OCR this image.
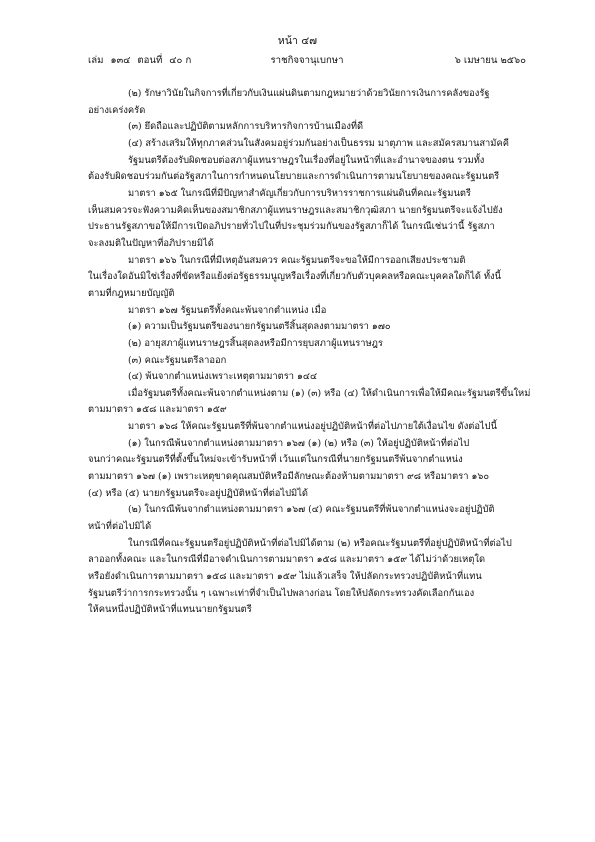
หน้า ๔๗
เล่ม ๑๓๔ ตอนที่ ๔๐ ก	ราชกิจจานุเบกษา	๖ เมษายน ๒๕๖๐

(๒) รักษาวินัยในกิจการที่เกี่ยวกับเงินแผ่นดินตามกฎหมายว่าด้วยวินัยการเงินการคลังของรัฐ

อย่างเคร่งครัด

(๓) ยึดถือและปฏิบัติตามหลักการบริหารกิจการบ้านเมืองที่ดี

(๔) สร้างเสริมให้ทุกภาคส่วนในสังคมอยู่ร่วมกันอย่างเป็นธรรม มาตุภาพ และสมัครสมานสามัคคี

รัฐมนตรีต้องรับผิดชอบต่อสภาผู้แทนราษฎรในเรื่องที่อยู่ในหน้าที่และอำนาจของตน รวมทั้ง

ต้องรับผิดชอบร่วมกันต่อรัฐสภาในการกำหนดนโยบายและการดำเนินการตามนโยบายของคณะรัฐมนตรี

มาตรา ๑๖๕ ในกรณีที่มีปัญหาสำคัญเกี่ยวกับการบริหารราชการแผ่นดินที่คณะรัฐมนตรี

เห็นสมควรจะฟังความคิดเห็นของสมาชิกสภาผู้แทนราษฎรและสมาชิกวุฒิสภา นายกรัฐมนตรีจะแจ้งไปยัง

ประธานรัฐสภาขอให้มีการเปิดอภิปรายทั่วไปในที่ประชุมร่วมกันของรัฐสภาก็ได้ ในกรณีเช่นว่านี้ รัฐสภา

จะลงมติในปัญหาที่อภิปรายมิได้

มาตรา ๑๖๖ ในกรณีที่มีเหตุอันสมควร คณะรัฐมนตรีจะขอให้มีการออกเสียงประชามติ

ในเรื่องใดอันมิใช่เรื่องที่ขัดหรือแย้งต่อรัฐธรรมนูญหรือเรื่องที่เกี่ยวกับตัวบุคคลหรือคณะบุคคลใดก็ได้ ทั้งนี้

ตามที่กฎหมายบัญญัติ

มาตรา ๑๖๗ รัฐมนตรีทั้งคณะพ้นจากตำแหน่ง เมื่อ

(๑) ความเป็นรัฐมนตรีของนายกรัฐมนตรีสิ้นสุดลงตามมาตรา ๑๗๐

(๒) อายุสภาผู้แทนราษฎรสิ้นสุดลงหรือมีการยุบสภาผู้แทนราษฎร

(๓) คณะรัฐมนตรีลาออก

(๔) พ้นจากตำแหน่งเพราะเหตุตามมาตรา ๑๔๔

เมื่อรัฐมนตรีทั้งคณะพ้นจากตำแหน่งตาม (๑) (๓) หรือ (๔) ให้ดำเนินการเพื่อให้มีคณะรัฐมนตรีขึ้นใหม่

ตามมาตรา ๑๕๘ และมาตรา ๑๕๙

มาตรา ๑๖๘ ให้คณะรัฐมนตรีที่พ้นจากตำแหน่งอยู่ปฏิบัติหน้าที่ต่อไปภายใต้เงื่อนไข ดังต่อไปนี้

(๑) ในกรณีพ้นจากตำแหน่งตามมาตรา ๑๖๗ (๑) (๒) หรือ (๓) ให้อยู่ปฏิบัติหน้าที่ต่อไป

จนกว่าคณะรัฐมนตรีที่ตั้งขึ้นใหม่จะเข้ารับหน้าที่ เว้นแต่ในกรณีที่นายกรัฐมนตรีพ้นจากตำแหน่ง

ตามมาตรา ๑๖๗ (๑) เพราะเหตุขาดคุณสมบัติหรือมีลักษณะต้องห้ามตามมาตรา ๙๘ หรือมาตรา ๑๖๐

(๔) หรือ (๕) นายกรัฐมนตรีจะอยู่ปฏิบัติหน้าที่ต่อไปมิได้

(๒) ในกรณีพ้นจากตำแหน่งตามมาตรา ๑๖๗ (๔) คณะรัฐมนตรีที่พ้นจากตำแหน่งจะอยู่ปฏิบัติ

หน้าที่ต่อไปมิได้

ในกรณีที่คณะรัฐมนตรีอยู่ปฏิบัติหน้าที่ต่อไปมิได้ตาม (๒) หรือคณะรัฐมนตรีที่อยู่ปฏิบัติหน้าที่ต่อไป

ลาออกทั้งคณะ และในกรณีที่มีอาจดำเนินการตามมาตรา ๑๕๘ และมาตรา ๑๕๙ ได้ไม่ว่าด้วยเหตุใด

หรือยังดำเนินการตามมาตรา ๑๕๘ และมาตรา ๑๕๙ ไม่แล้วเสร็จ ให้ปลัดกระทรวงปฏิบัติหน้าที่แทน

รัฐมนตรีว่าการกระทรวงนั้น ๆ เฉพาะเท่าที่จำเป็นไปพลางก่อน โดยให้ปลัดกระทรวงคัดเลือกกันเอง

ให้คนหนึ่งปฏิบัติหน้าที่แทนนายกรัฐมนตรี
